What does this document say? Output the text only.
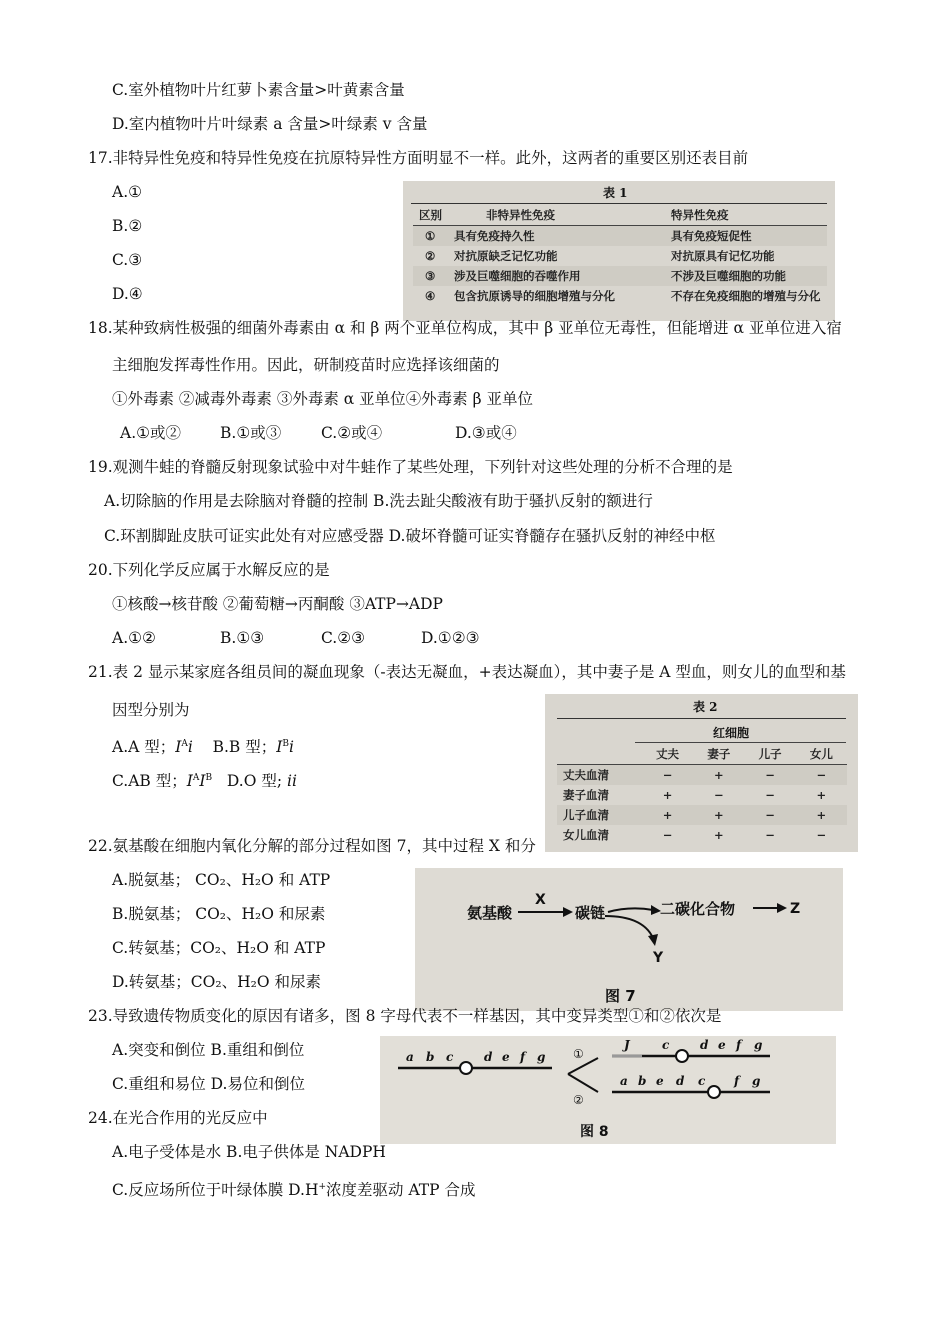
C.室外植物叶片红萝卜素含量>叶黄素含量
D.室内植物叶片叶绿素 a 含量>叶绿素 v 含量
17.非特异性免疫和特异性免疫在抗原特异性方面明显不一样。此外，这两者的重要区别还表目前
A.①
B.②
C.③
D.④
表 1
区别	非特异性免疫	特异性免疫
①	具有免疫持久性	具有免疫短促性
②	对抗原缺乏记忆功能	对抗原具有记忆功能
③	涉及巨噬细胞的吞噬作用	不涉及巨噬细胞的功能
④	包含抗原诱导的细胞增殖与分化	不存在免疫细胞的增殖与分化
18.某种致病性极强的细菌外毒素由 α 和 β 两个亚单位构成，其中 β 亚单位无毒性，但能增进 α 亚单位进入宿
主细胞发挥毒性作用。因此，研制疫苗时应选择该细菌的
①外毒素 ②减毒外毒素 ③外毒素 α 亚单位④外毒素 β 亚单位
A.①或②	B.①或③	C.②或④	D.③或④
19.观测牛蛙的脊髓反射现象试验中对牛蛙作了某些处理，下列针对这些处理的分析不合理的是
A.切除脑的作用是去除脑对脊髓的控制 B.洗去趾尖酸液有助于骚扒反射的额进行
C.环割脚趾皮肤可证实此处有对应感受器 D.破坏脊髓可证实脊髓存在骚扒反射的神经中枢
20.下列化学反应属于水解反应的是
①核酸→核苷酸 ②葡萄糖→丙酮酸 ③ATP→ADP
A.①②	B.①③	C.②③	D.①②③
21.表 2 显示某家庭各组员间的凝血现象（-表达无凝血，+表达凝血），其中妻子是 A 型血，则女儿的血型和基
因型分别为
A.A 型；$I^Ai$ B.B 型；$I^Bi$
C.AB 型；$I^AI^B$ D.O 型; ii
表 2
红细胞
	丈夫	妻子	儿子	女儿
丈夫血清	−	+	−	−
妻子血清	+	−	−	+
儿子血清	+	+	−	+
女儿血清	−	+	−	−
22.氨基酸在细胞内氧化分解的部分过程如图 7，其中过程 X 和分
A.脱氨基； CO₂、H₂O 和 ATP
B.脱氨基； CO₂、H₂O 和尿素
C.转氨基；CO₂、H₂O 和 ATP
D.转氨基；CO₂、H₂O 和尿素
氨基酸
X
碳链	二碳化合物	Z
Y
图 7
23.导致遗传物质变化的原因有诸多，图 8 字母代表不一样基因，其中变异类型①和②依次是
A.突变和倒位 B.重组和倒位
C.重组和易位 D.易位和倒位
a b c	d e f g ①
②
J	c	d e f g
a b e d c f g
图 8
24.在光合作用的光反应中
A.电子受体是水 B.电子供体是 NADPH
C.反应场所位于叶绿体膜 D.H+浓度差驱动 ATP 合成
